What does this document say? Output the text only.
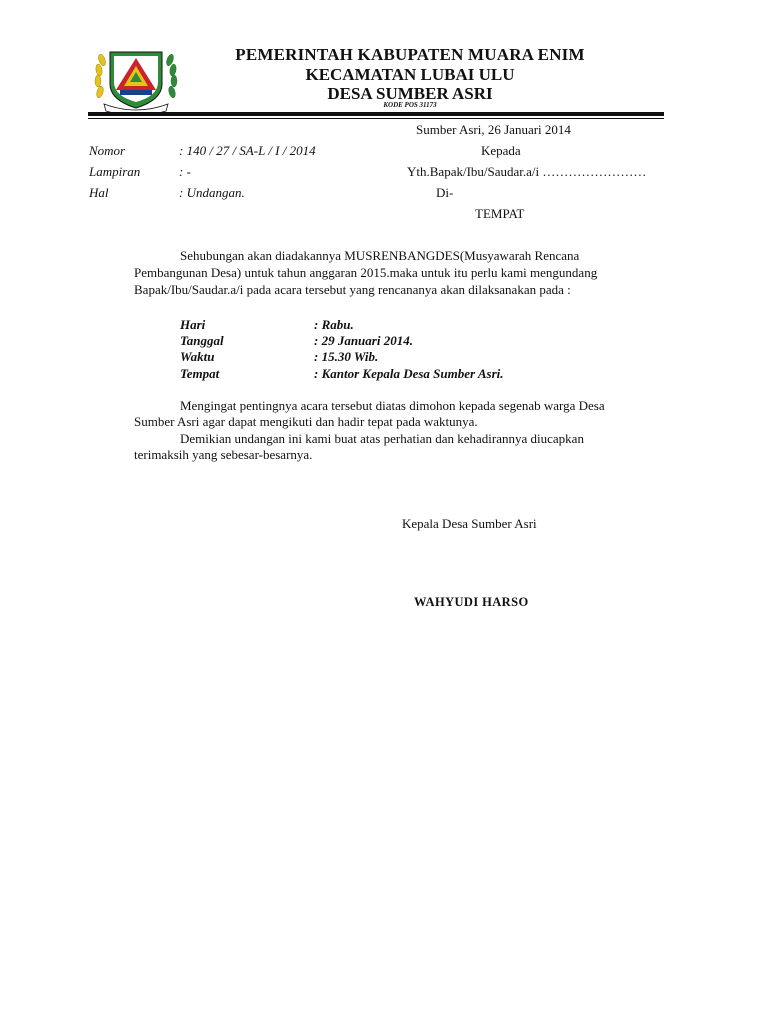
PEMERINTAH KABUPATEN MUARA ENIM
KECAMATAN LUBAI ULU
DESA SUMBER ASRI
KODE POS 31173
Sumber Asri, 26 Januari 2014
Nomor	: 140 / 27 / SA-L / I / 2014
Lampiran	: -
Hal	: Undangan.
Kepada
Yth.Bapak/Ibu/Saudar.a/i ……………………
Di-
TEMPAT
Sehubungan akan diadakannya MUSRENBANGDES(Musyawarah Rencana
Pembangunan Desa) untuk tahun anggaran 2015.maka untuk itu perlu kami mengundang
Bapak/Ibu/Saudar.a/i pada acara tersebut yang rencananya akan dilaksanakan pada :
Hari	: Rabu.
Tanggal	: 29 Januari 2014.
Waktu	: 15.30 Wib.
Tempat	: Kantor Kepala Desa Sumber Asri.
Mengingat pentingnya acara tersebut diatas dimohon kepada segenab warga Desa
Sumber Asri agar dapat mengikuti dan hadir tepat pada waktunya.
Demikian undangan ini kami buat atas perhatian dan kehadirannya diucapkan
terimaksih yang sebesar-besarnya.
Kepala Desa Sumber Asri
WAHYUDI HARSO
